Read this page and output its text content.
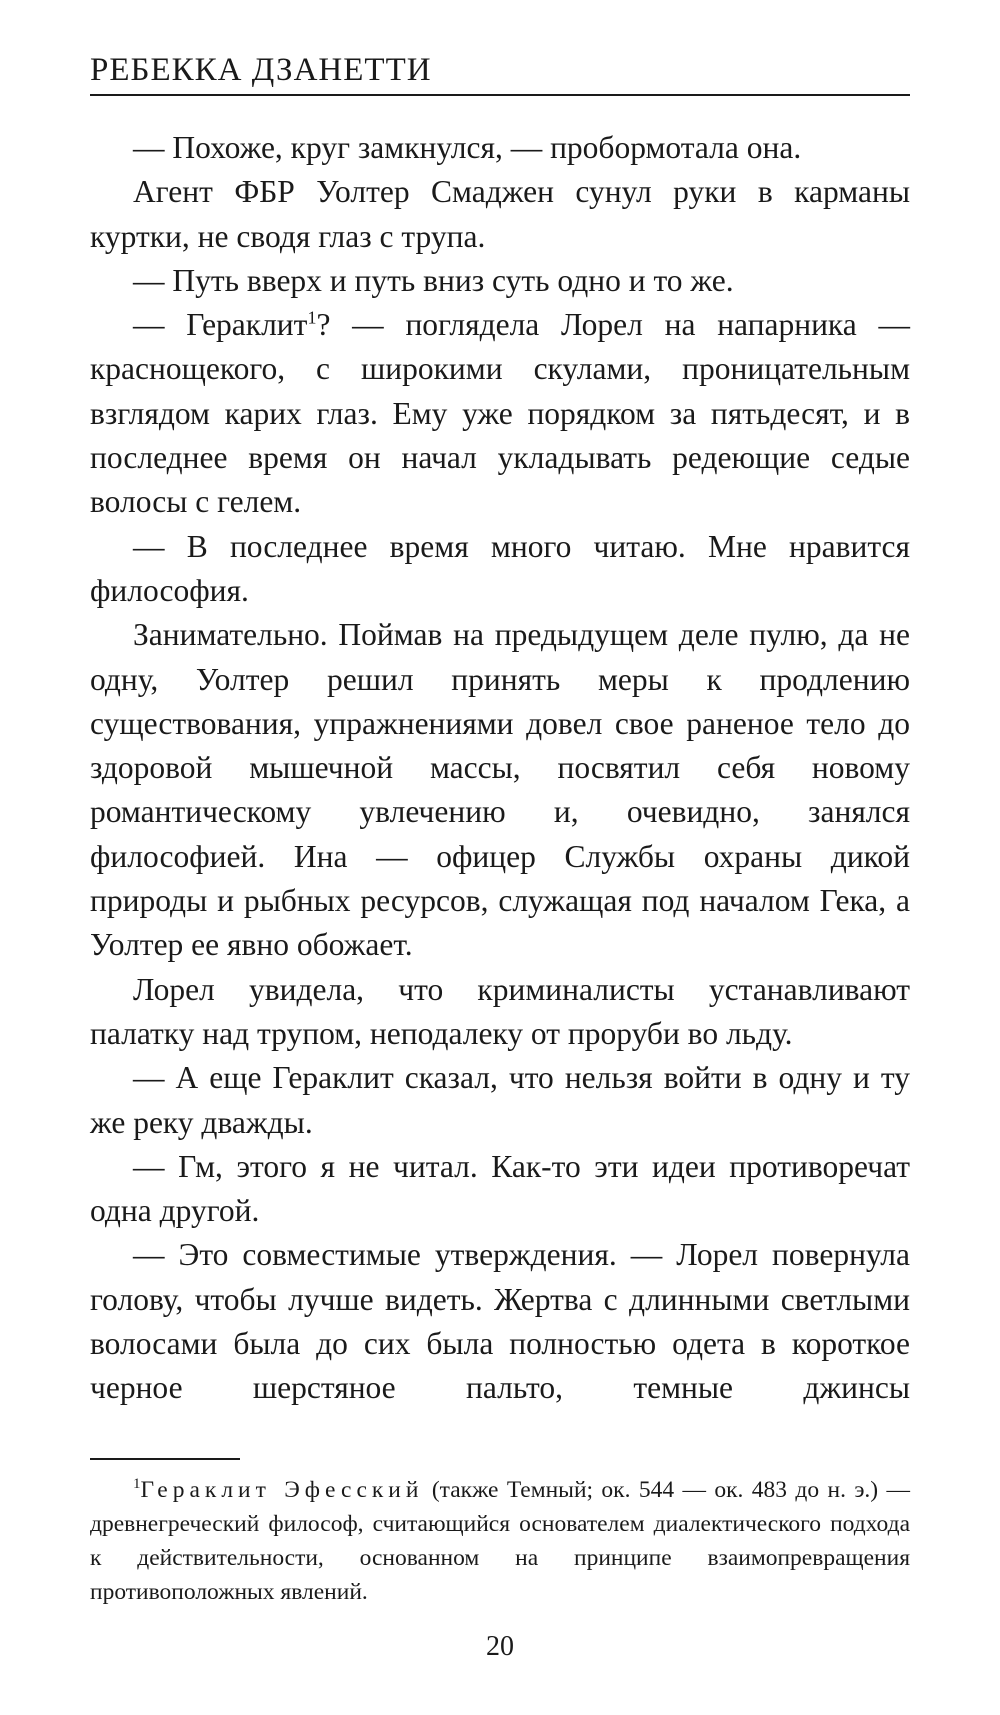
РЕБЕККА ДЗАНЕТТИ

— Похоже, круг замкнулся, — пробормотала она.

Агент ФБР Уолтер Смаджен сунул руки в карманы куртки, не сводя глаз с трупа.

— Путь вверх и путь вниз суть одно и то же.

— Гераклит$^1$? — поглядела Лорел на напарника — краснощекого, с широкими скулами, проницательным взглядом карих глаз. Ему уже порядком за пятьдесят, и в последнее время он начал укладывать редеющие седые волосы с гелем.

— В последнее время много читаю. Мне нравится философия.

Занимательно. Поймав на предыдущем деле пулю, да не одну, Уолтер решил принять меры к продлению существования, упражнениями довел свое раненое тело до здоровой мышечной массы, посвятил себя новому романтическому увлечению и, очевидно, занялся философией. Ина — офицер Службы охраны дикой природы и рыбных ресурсов, служащая под началом Гека, а Уолтер ее явно обожает.

Лорел увидела, что криминалисты устанавливают палатку над трупом, неподалеку от проруби во льду.

— А еще Гераклит сказал, что нельзя войти в одну и ту же реку дважды.

— Гм, этого я не читал. Как-то эти идеи противоречат одна другой.

— Это совместимые утверждения. — Лорел повернула голову, чтобы лучше видеть. Жертва с длинными светлыми волосами была до сих была полностью одета в короткое черное шерстяное пальто, темные джинсы

$^1$Гераклит Эфесский (также Темный; ок. 544 — ок. 483 до н. э.) — древнегреческий философ, считающийся основателем диалектического подхода к действительности, основанном на принципе взаимопревращения противоположных явлений.

20
